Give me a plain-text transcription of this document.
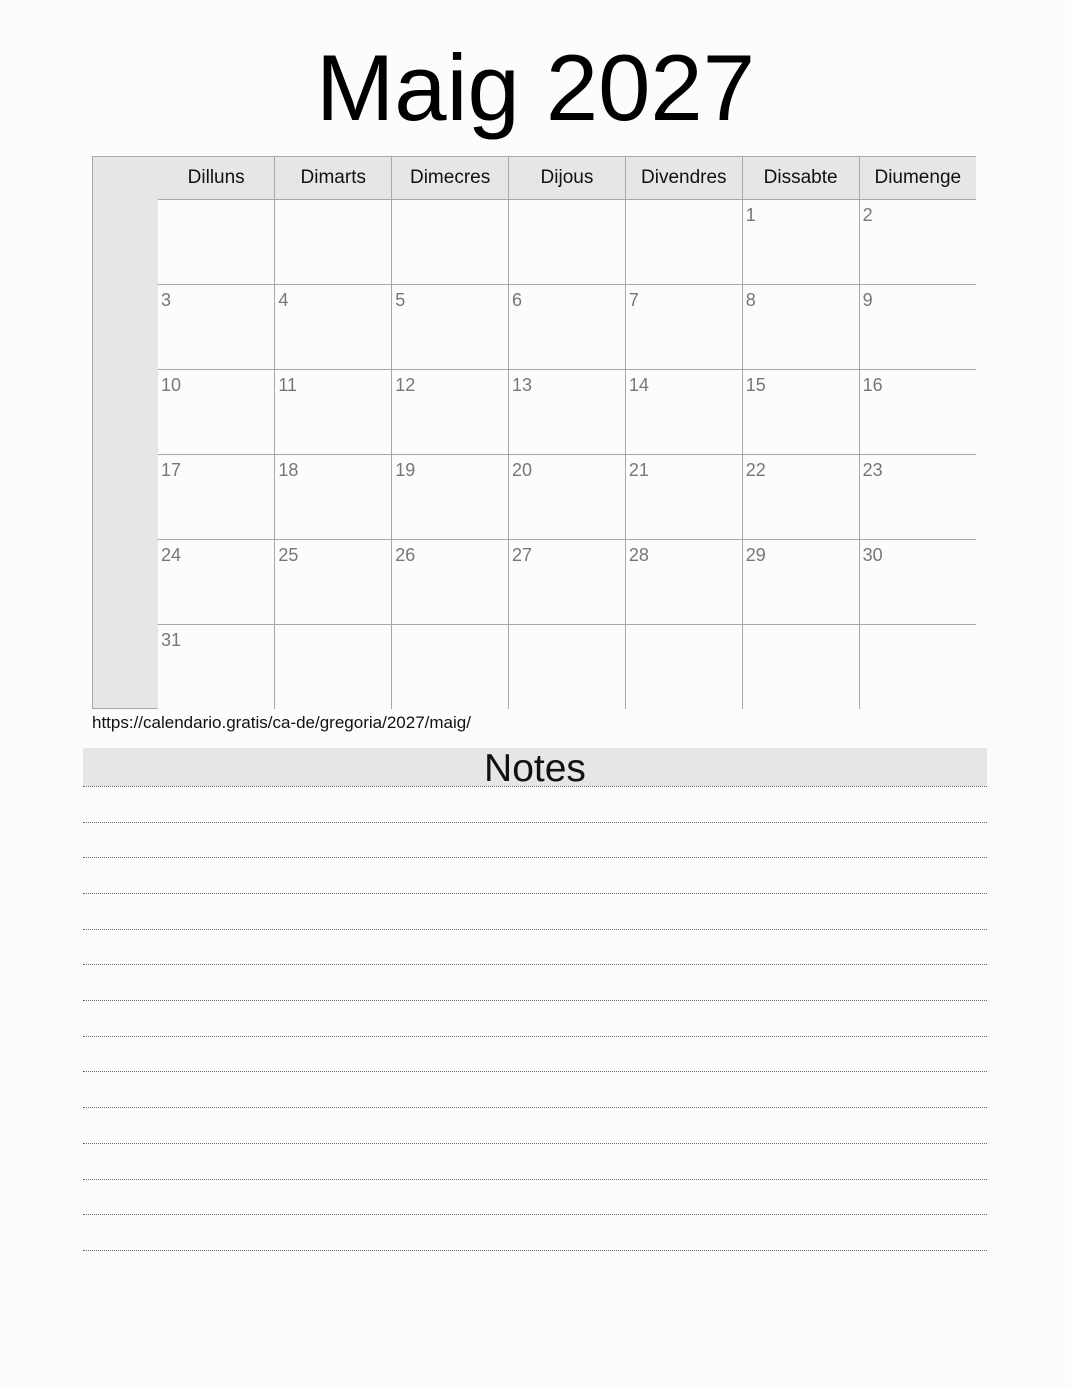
Maig 2027
Dilluns	Dimarts	Dimecres	Dijous	Divendres	Dissabte	Diumenge

					1	2

3	4	5	6	7	8	9

10	11	12	13	14	15	16

17	18	19	20	21	22	23

24	25	26	27	28	29	30

31						

https://calendario.gratis/ca-de/gregoria/2027/maig/
Notes
